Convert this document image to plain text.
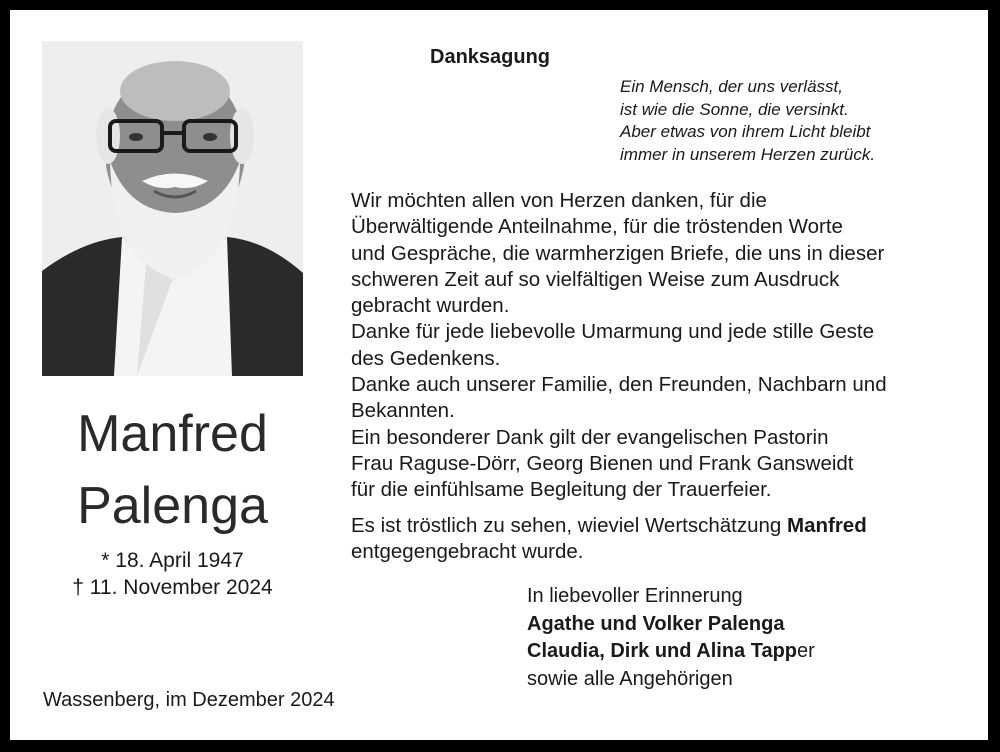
Manfred
Palenga
* 18. April 1947
† 11. November 2024
Wassenberg, im Dezember 2024
Danksagung
Ein Mensch, der uns verlässt,
ist wie die Sonne, die versinkt.
Aber etwas von ihrem Licht bleibt
immer in unserem Herzen zurück.
Wir möchten allen von Herzen danken, für die
Überwältigende Anteilnahme, für die tröstenden Worte
und Gespräche, die warmherzigen Briefe, die uns in dieser
schweren Zeit auf so vielfältigen Weise zum Ausdruck
gebracht wurden.
Danke für jede liebevolle Umarmung und jede stille Geste
des Gedenkens.
Danke auch unserer Familie, den Freunden, Nachbarn und
Bekannten.
Ein besonderer Dank gilt der evangelischen Pastorin
Frau Raguse-Dörr, Georg Bienen und Frank Gansweidt
für die einfühlsame Begleitung der Trauerfeier.
Es ist tröstlich zu sehen, wieviel Wertschätzung Manfred
entgegengebracht wurde.
In liebevoller Erinnerung
Agathe und Volker Palenga
Claudia, Dirk und Alina Tapper
sowie alle Angehörigen
